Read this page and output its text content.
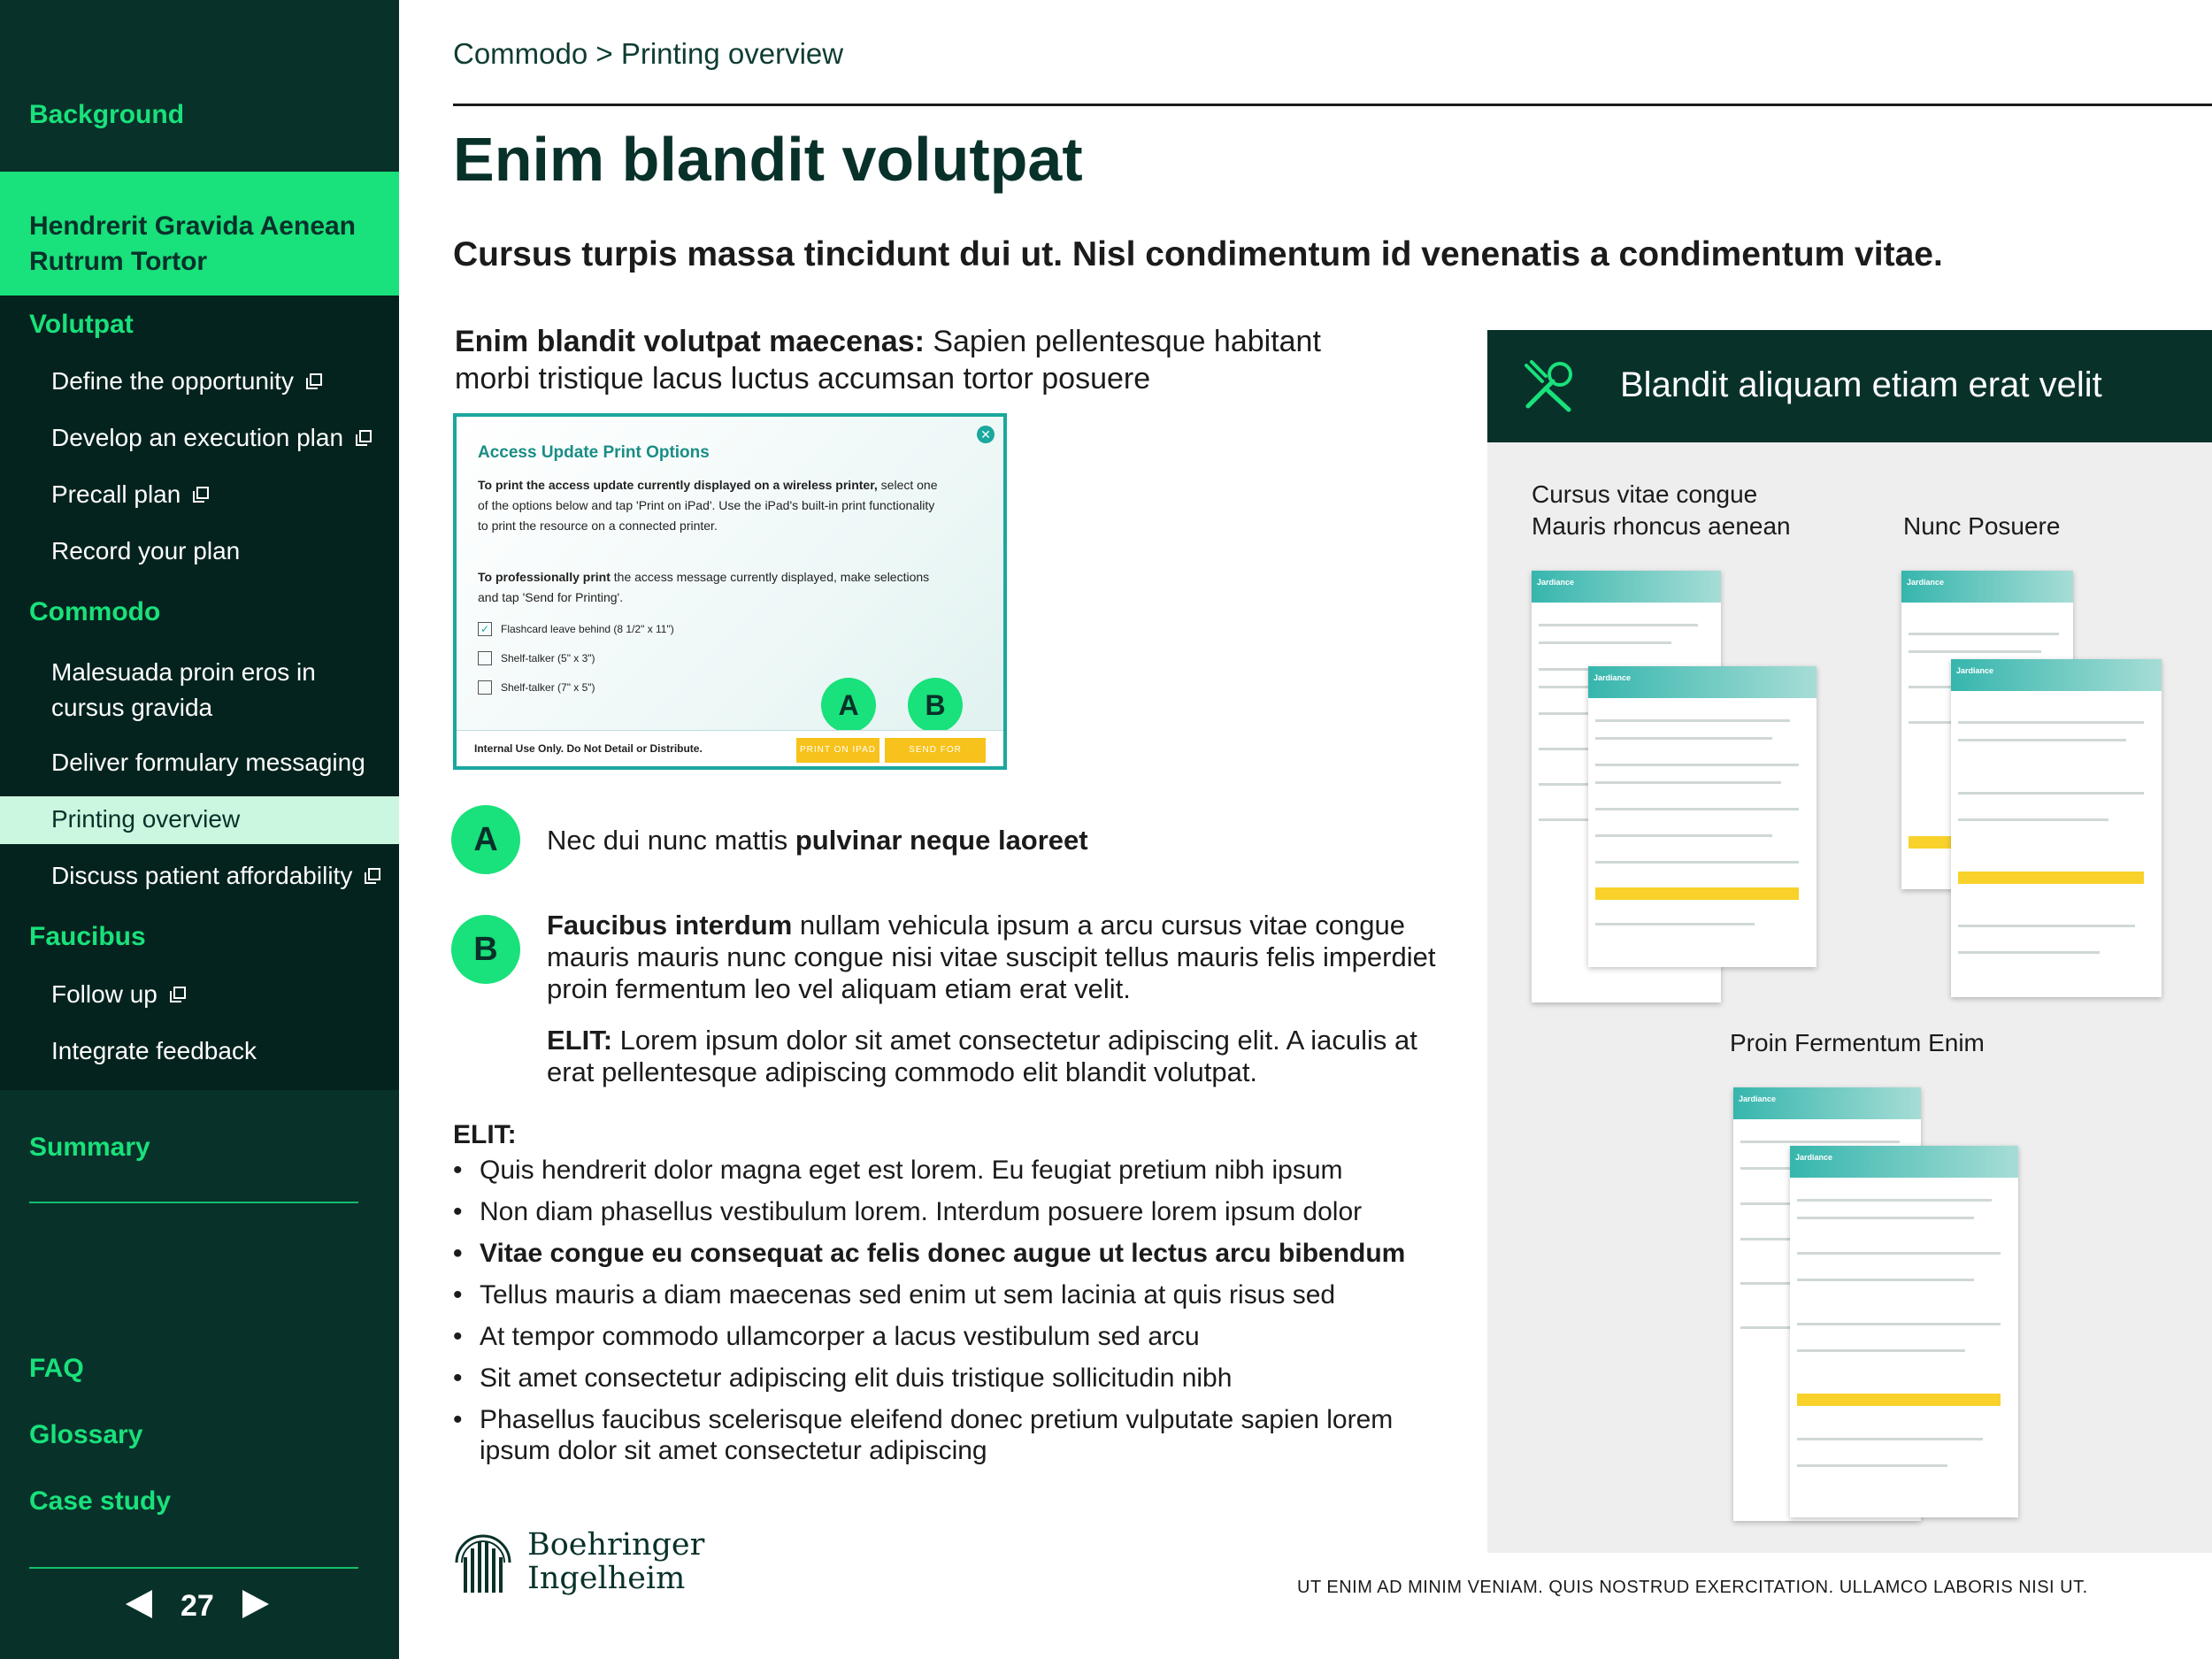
Background
Hendrerit Gravida Aenean Rutrum Tortor
Volutpat
Define the opportunity
Develop an execution plan
Precall plan
Record your plan
Commodo
Malesuada proin eros in cursus gravida
Deliver formulary messaging
Printing overview
Discuss patient affordability
Faucibus
Follow up
Integrate feedback
Summary
FAQ
Glossary
Case study
27
Commodo > Printing overview
Enim blandit volutpat
Cursus turpis massa tincidunt dui ut. Nisl condimentum id venenatis a condimentum vitae.
Enim blandit volutpat maecenas: Sapien pellentesque habitant morbi tristique lacus luctus accumsan tortor posuere
✕
Access Update Print Options
To print the access update currently displayed on a wireless printer, select one of the options below and tap 'Print on iPad'. Use the iPad's built-in print functionality to print the resource on a connected printer.
To professionally print the access message currently displayed, make selections and tap 'Send for Printing'.
✓ Flashcard leave behind (8 1/2" x 11")
Shelf-talker (5" x 3")
Shelf-talker (7" x 5")
A	B
Internal Use Only. Do Not Detail or Distribute.	PRINT ON IPAD	SEND FOR PRINTING
A	Nec dui nunc mattis pulvinar neque laoreet
B
Faucibus interdum nullam vehicula ipsum a arcu cursus vitae congue mauris mauris nunc congue nisi vitae suscipit tellus mauris felis imperdiet proin fermentum leo vel aliquam etiam erat velit.
ELIT: Lorem ipsum dolor sit amet consectetur adipiscing elit. A iaculis at erat pellentesque adipiscing commodo elit blandit volutpat.
ELIT:
• Quis hendrerit dolor magna eget est lorem. Eu feugiat pretium nibh ipsum
• Non diam phasellus vestibulum lorem. Interdum posuere lorem ipsum dolor
• Vitae congue eu consequat ac felis donec augue ut lectus arcu bibendum
• Tellus mauris a diam maecenas sed enim ut sem lacinia at quis risus sed
• At tempor commodo ullamcorper a lacus vestibulum sed arcu
• Sit amet consectetur adipiscing elit duis tristique sollicitudin nibh
• Phasellus faucibus scelerisque eleifend donec pretium vulputate sapien lorem ipsum dolor sit amet consectetur adipiscing
Boehringer
Ingelheim	UT ENIM AD MINIM VENIAM. QUIS NOSTRUD EXERCITATION. ULLAMCO LABORIS NISI UT.
Blandit aliquam etiam erat velit
Cursus vitae congue Mauris rhoncus aenean	Nunc Posuere
Proin Fermentum Enim
Jardiance
Jardiance
Jardiance
Jardiance
Jardiance
Jardiance
